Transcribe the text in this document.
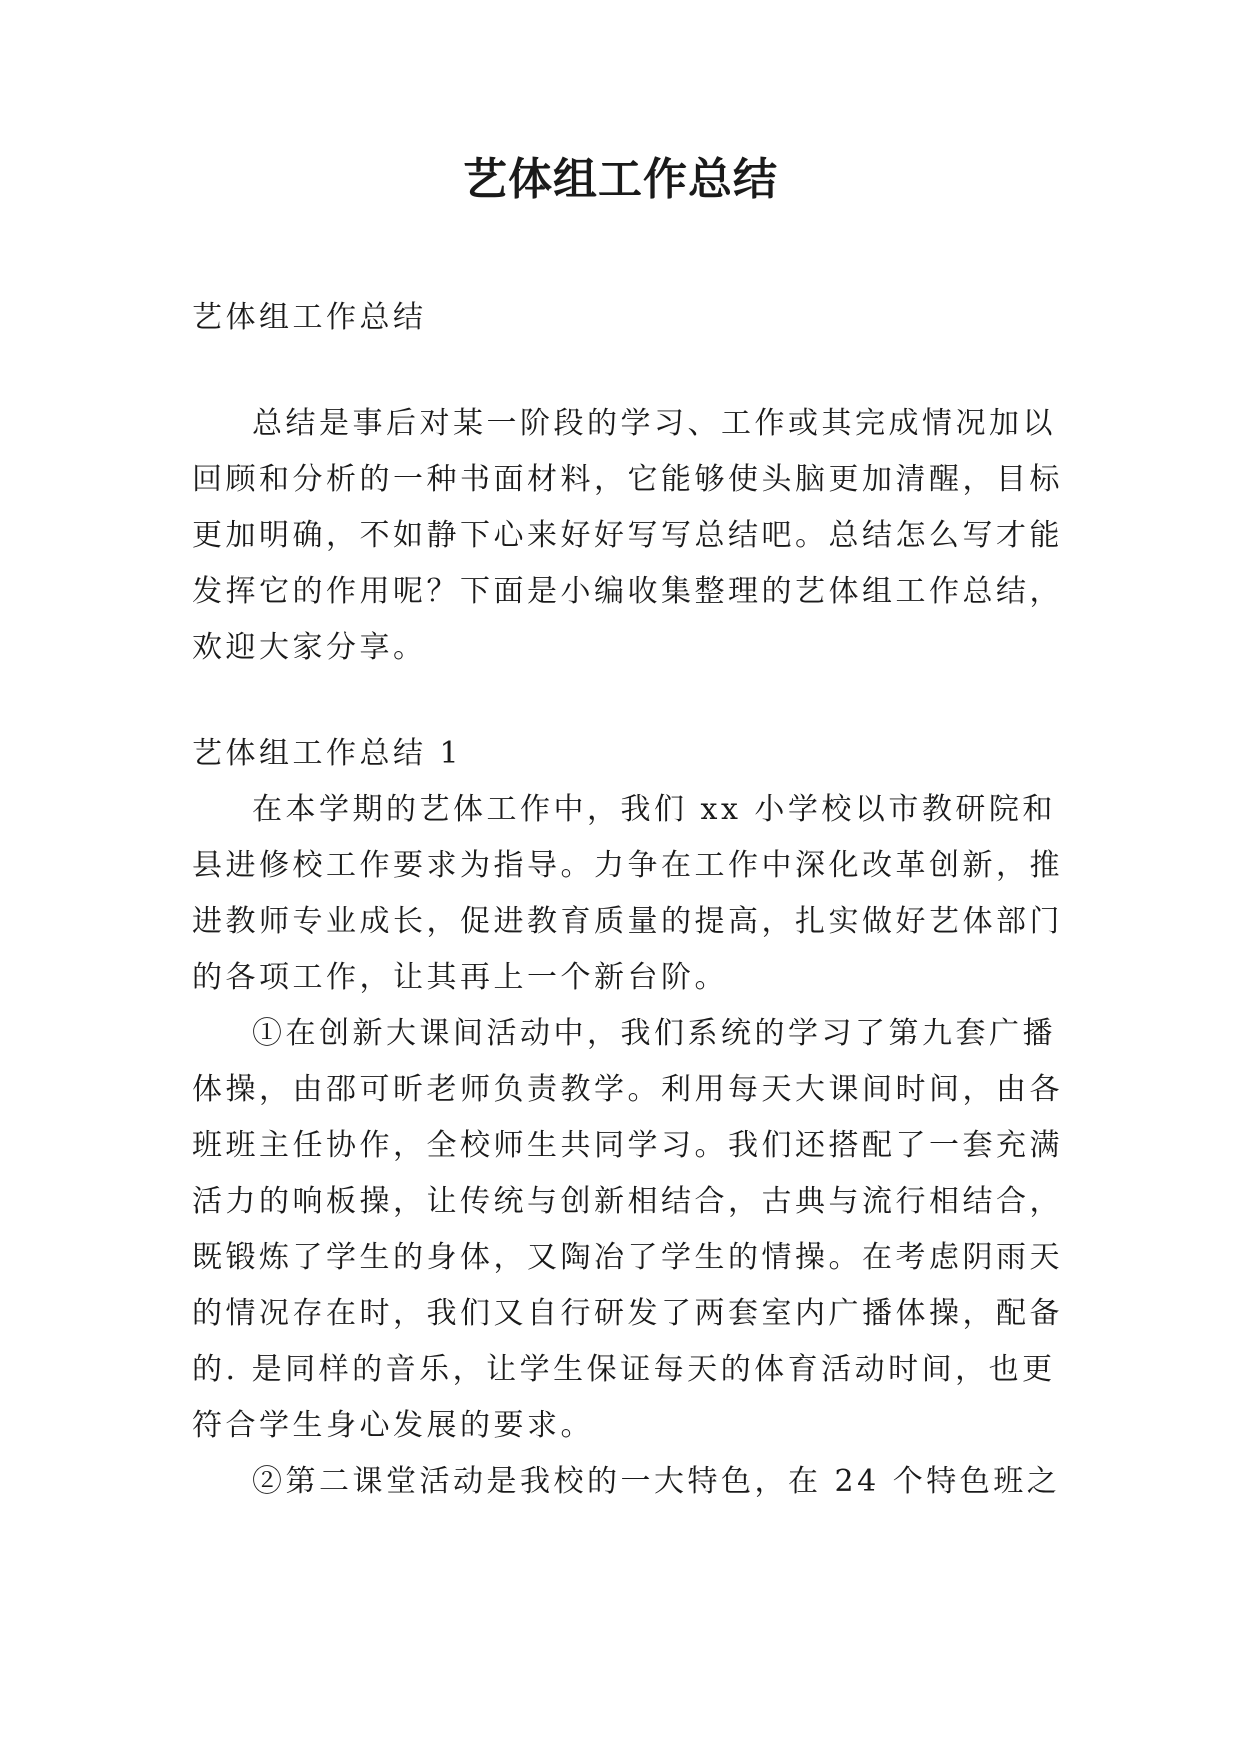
艺体组工作总结
艺体组工作总结
总结是事后对某一阶段的学习、工作或其完成情况加以
回顾和分析的一种书面材料，它能够使头脑更加清醒，目标
更加明确，不如静下心来好好写写总结吧。总结怎么写才能
发挥它的作用呢？下面是小编收集整理的艺体组工作总结，
欢迎大家分享。
艺体组工作总结 1
在本学期的艺体工作中，我们 xx 小学校以市教研院和
县进修校工作要求为指导。力争在工作中深化改革创新，推
进教师专业成长，促进教育质量的提高，扎实做好艺体部门
的各项工作，让其再上一个新台阶。
①在创新大课间活动中，我们系统的学习了第九套广播
体操，由邵可昕老师负责教学。利用每天大课间时间，由各
班班主任协作，全校师生共同学习。我们还搭配了一套充满
活力的响板操，让传统与创新相结合，古典与流行相结合，
既锻炼了学生的身体，又陶冶了学生的情操。在考虑阴雨天
的情况存在时，我们又自行研发了两套室内广播体操，配备
的. 是同样的音乐，让学生保证每天的体育活动时间，也更
符合学生身心发展的要求。
②第二课堂活动是我校的一大特色，在 24 个特色班之
